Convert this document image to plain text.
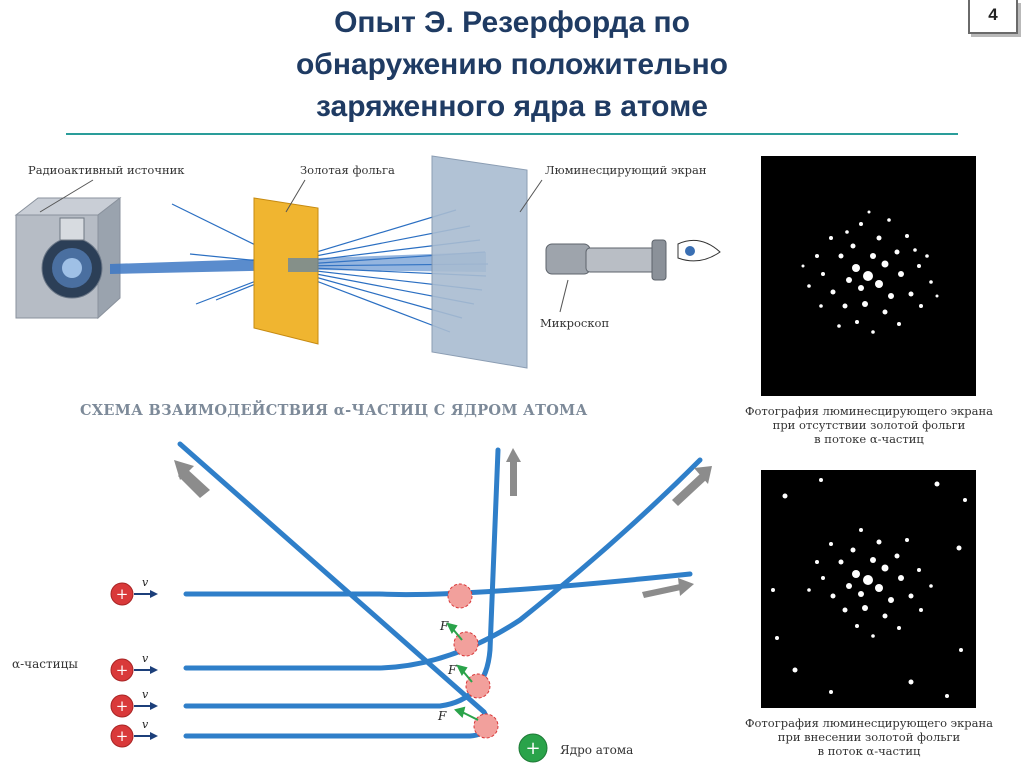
Опыт Э. Резерфорда по
обнаружению положительно
заряженного ядра в атоме
4
Радиоактивный источник	Золотая фольга	Люминесцирующий экран
Микроскоп
Фотография люминесцирующего экрана
при отсутствии золотой фольги
в потоке α-частиц
Фотография люминесцирующего экрана
при внесении золотой фольги
в поток α-частиц
СХЕМА ВЗАИМОДЕЙСТВИЯ α-ЧАСТИЦ С ЯДРОМ АТОМА
F
F
F
+
v
+
v
+
v
+
v
+
α-частицы
Ядро атома
